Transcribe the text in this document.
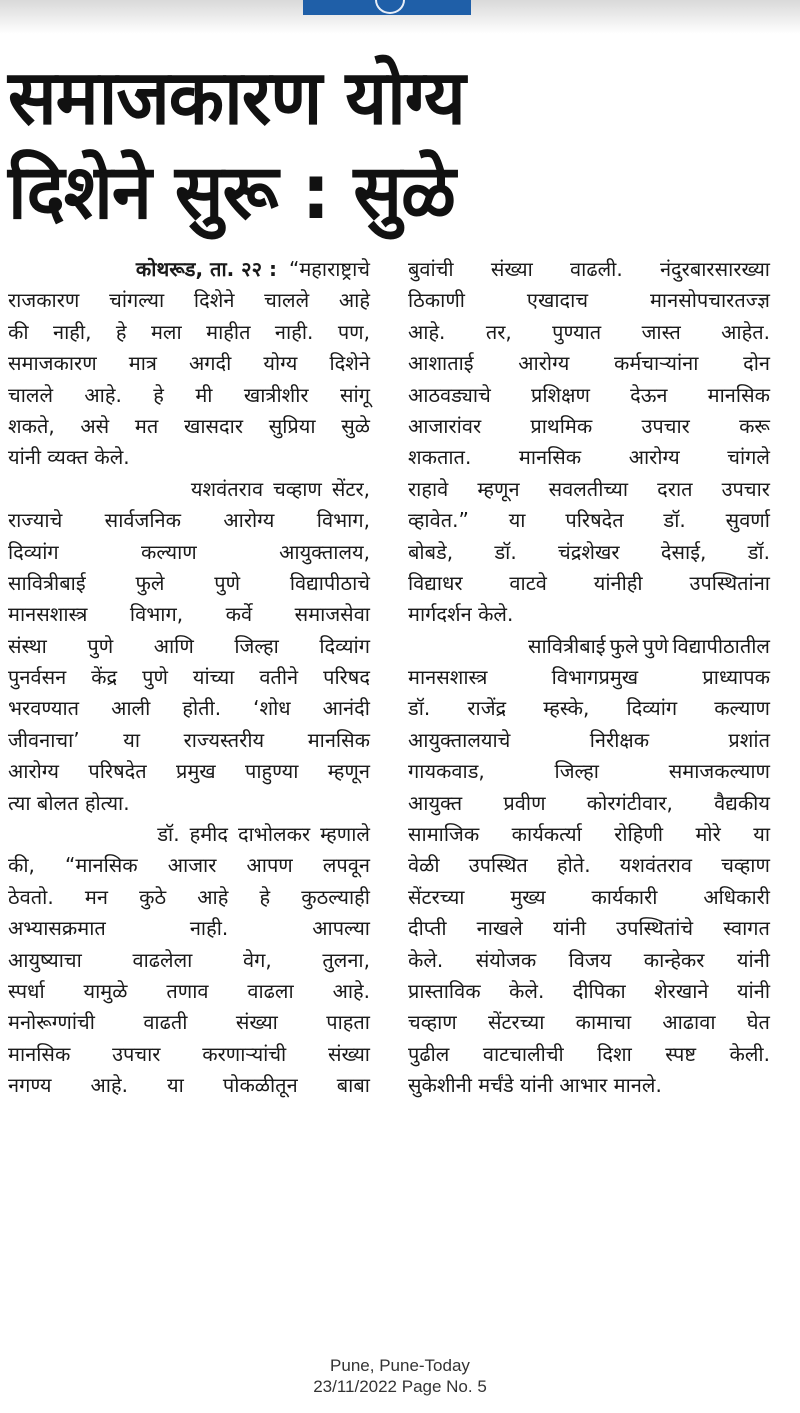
समाजकारण योग्य
दिशेने सुरू : सुळे
कोथरूड, ता. २२ : “महाराष्ट्राचे
राजकारण चांगल्या दिशेने चालले आहे
की नाही, हे मला माहीत नाही. पण,
समाजकारण मात्र अगदी योग्य दिशेने
चालले आहे. हे मी खात्रीशीर सांगू
शकते, असे मत खासदार सुप्रिया सुळे
यांनी व्यक्त केले.
यशवंतराव चव्हाण सेंटर,
राज्याचे सार्वजनिक आरोग्य विभाग,
दिव्यांग	कल्याण	आयुक्तालय,
सावित्रीबाई फुले पुणे विद्यापीठाचे
मानसशास्त्र विभाग, कर्वे समाजसेवा
संस्था पुणे आणि जिल्हा दिव्यांग
पुनर्वसन केंद्र पुणे यांच्या वतीने परिषद
भरवण्यात आली होती. ‘शोध आनंदी
जीवनाचा’ या राज्यस्तरीय मानसिक
आरोग्य परिषदेत प्रमुख पाहुण्या म्हणून
त्या बोलत होत्या.
डॉ. हमीद दाभोलकर म्हणाले
की, “मानसिक आजार आपण लपवून
ठेवतो. मन कुठे आहे हे कुठल्याही
अभ्यासक्रमात	नाही.	आपल्या
आयुष्याचा	वाढलेला	वेग,	तुलना,
स्पर्धा यामुळे तणाव वाढला आहे.
मनोरूग्णांची वाढती संख्या पाहता
मानसिक उपचार करणाऱ्यांची संख्या
नगण्य आहे. या पोकळीतून बाबा
बुवांची संख्या वाढली. नंदुरबारसारख्या
ठिकाणी	एखादाच	मानसोपचारतज्ज्ञ
आहे. तर, पुण्यात जास्त आहेत.
आशाताई आरोग्य कर्मचाऱ्यांना दोन
आठवड्याचे प्रशिक्षण देऊन मानसिक
आजारांवर प्राथमिक उपचार करू
शकतात. मानसिक आरोग्य चांगले
राहावे म्हणून सवलतीच्या दरात उपचार
व्हावेत.” या परिषदेत डॉ. सुवर्णा
बोबडे, डॉ. चंद्रशेखर देसाई, डॉ.
विद्याधर वाटवे यांनीही उपस्थितांना
मार्गदर्शन केले.
सावित्रीबाई फुले पुणे विद्यापीठातील
मानसशास्त्र	विभागप्रमुख	प्राध्यापक
डॉ. राजेंद्र म्हस्के, दिव्यांग कल्याण
आयुक्तालयाचे	निरीक्षक	प्रशांत
गायकवाड,	जिल्हा	समाजकल्याण
आयुक्त प्रवीण कोरगंटीवार, वैद्यकीय
सामाजिक कार्यकर्त्या रोहिणी मोरे या
वेळी उपस्थित होते. यशवंतराव चव्हाण
सेंटरच्या मुख्य कार्यकारी अधिकारी
दीप्ती नाखले यांनी उपस्थितांचे स्वागत
केले. संयोजक विजय कान्हेकर यांनी
प्रास्ताविक केले. दीपिका शेरखाने यांनी
चव्हाण सेंटरच्या कामाचा आढावा घेत
पुढील वाटचालीची दिशा स्पष्ट केली.
सुकेशीनी मर्चंडे यांनी आभार मानले.
Pune, Pune-Today
23/11/2022 Page No. 5
